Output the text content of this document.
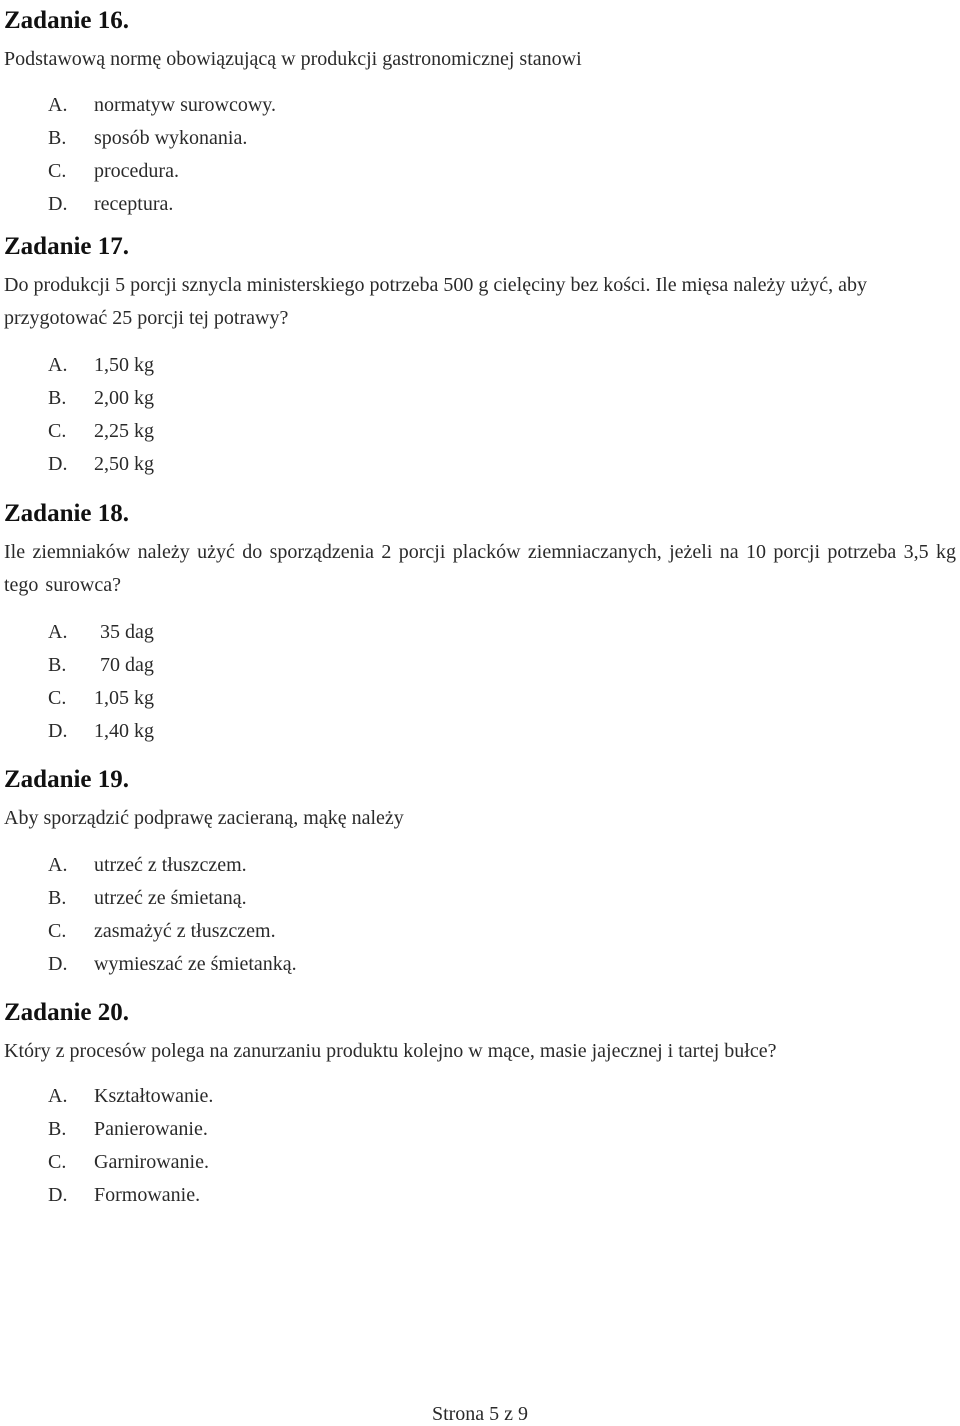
Zadanie 16.

Podstawową normę obowiązującą w produkcji gastronomicznej stanowi

A. normatyw surowcowy.
B. sposób wykonania.
C. procedura.
D. receptura.
Zadanie 17.

Do produkcji 5 porcji sznycla ministerskiego potrzeba 500 g cielęciny bez kości. Ile mięsa należy użyć, aby przygotować 25 porcji tej potrawy?

A. 1,50 kg
B. 2,00 kg
C. 2,25 kg
D. 2,50 kg
Zadanie 18.

Ile ziemniaków należy użyć do sporządzenia 2 porcji placków ziemniaczanych, jeżeli na 10 porcji potrzeba 3,5 kg tego surowca?

A. 35 dag
B. 70 dag
C. 1,05 kg
D. 1,40 kg
Zadanie 19.

Aby sporządzić podprawę zacieraną, mąkę należy

A. utrzeć z tłuszczem.
B. utrzeć ze śmietaną.
C. zasmażyć z tłuszczem.
D. wymieszać ze śmietanką.
Zadanie 20.

Który z procesów polega na zanurzaniu produktu kolejno w mące, masie jajecznej i tartej bułce?

A. Kształtowanie.
B. Panierowanie.
C. Garnirowanie.
D. Formowanie.
Strona 5 z 9
